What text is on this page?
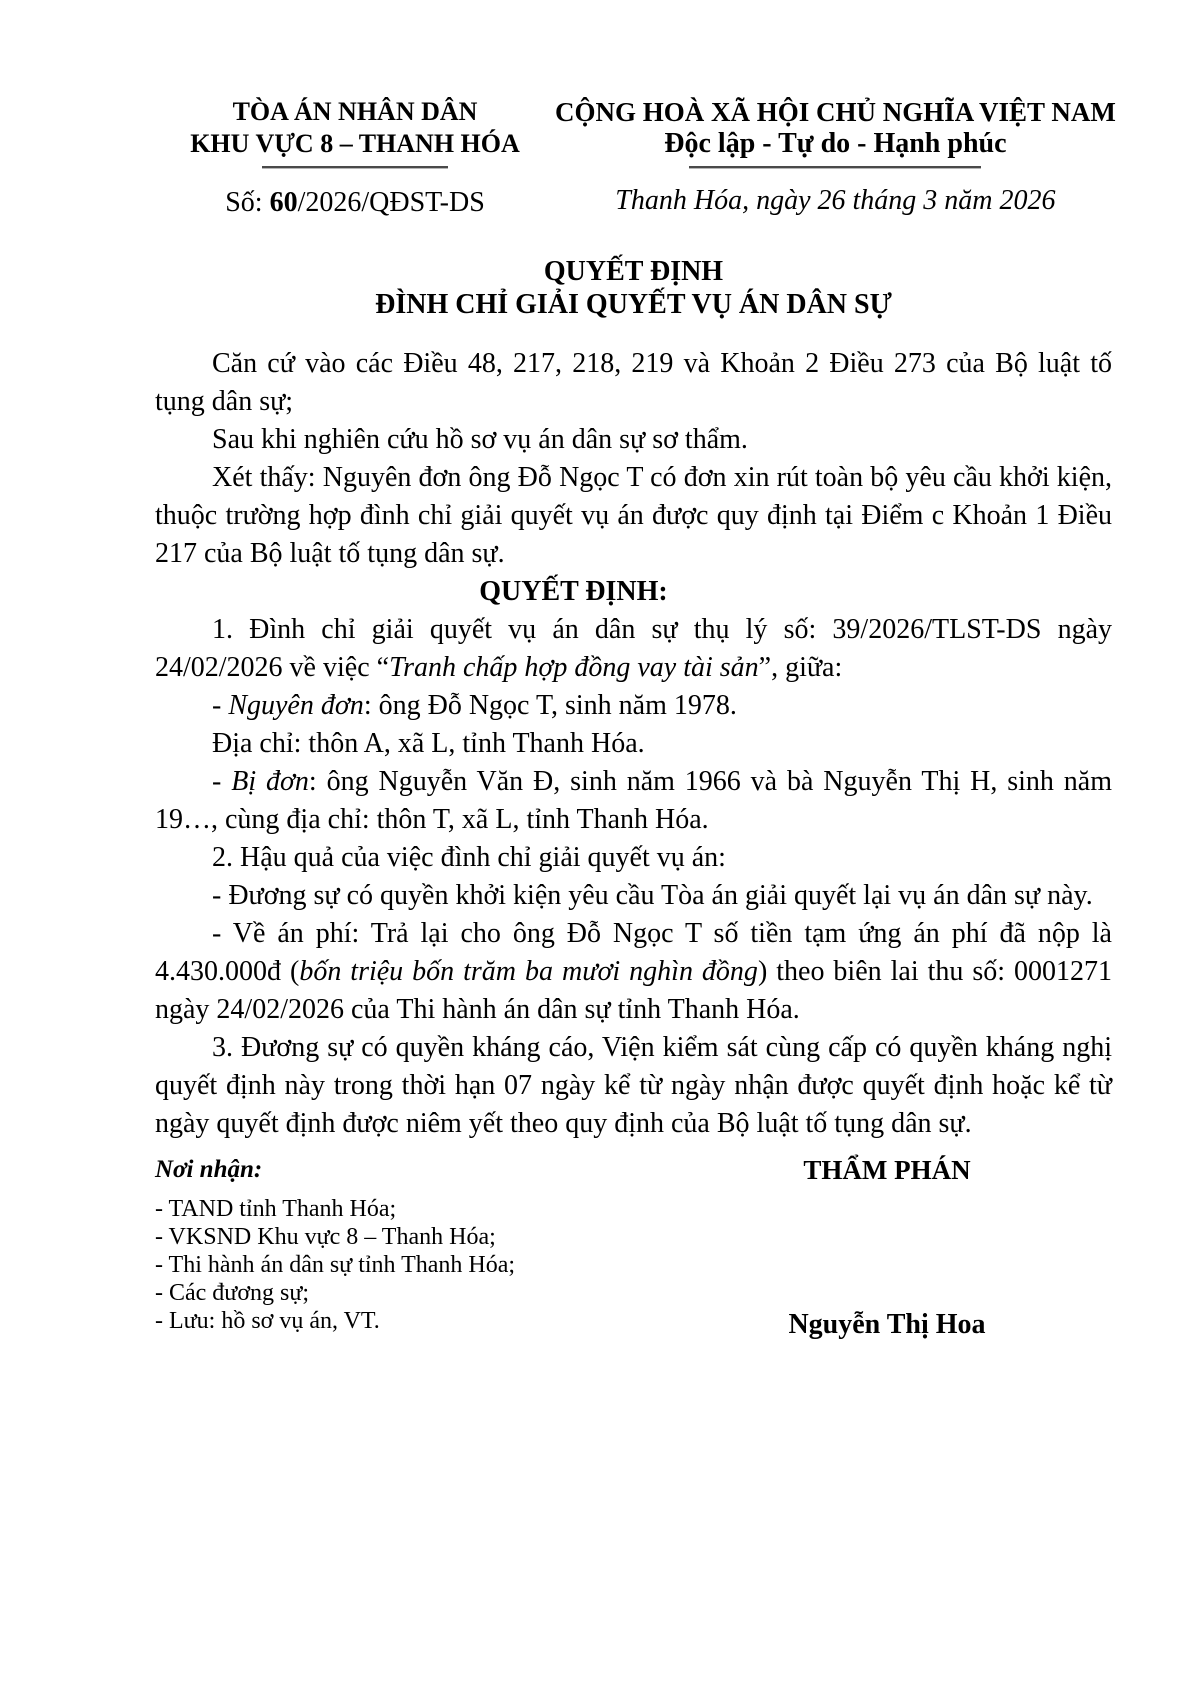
TÒA ÁN NHÂN DÂN
KHU VỰC 8 – THANH HÓA
Số: 60/2026/QĐST-DS
CỘNG HOÀ XÃ HỘI CHỦ NGHĨA VIỆT NAM
Độc lập - Tự do - Hạnh phúc
Thanh Hóa, ngày 26 tháng 3 năm 2026
QUYẾT ĐỊNH
ĐÌNH CHỈ GIẢI QUYẾT VỤ ÁN DÂN SỰ

Căn cứ vào các Điều 48, 217, 218, 219 và Khoản 2 Điều 273 của Bộ luật tố tụng dân sự;

Sau khi nghiên cứu hồ sơ vụ án dân sự sơ thẩm.

Xét thấy: Nguyên đơn ông Đỗ Ngọc T có đơn xin rút toàn bộ yêu cầu khởi kiện, thuộc trường hợp đình chỉ giải quyết vụ án được quy định tại Điểm c Khoản 1 Điều 217 của Bộ luật tố tụng dân sự.

QUYẾT ĐỊNH:

1. Đình chỉ giải quyết vụ án dân sự thụ lý số: 39/2026/TLST-DS ngày 24/02/2026 về việc “Tranh chấp hợp đồng vay tài sản”, giữa:

- Nguyên đơn: ông Đỗ Ngọc T, sinh năm 1978.

Địa chỉ: thôn A, xã L, tỉnh Thanh Hóa.

- Bị đơn: ông Nguyễn Văn Đ, sinh năm 1966 và bà Nguyễn Thị H, sinh năm 19…, cùng địa chỉ: thôn T, xã L, tỉnh Thanh Hóa.

2. Hậu quả của việc đình chỉ giải quyết vụ án:

- Đương sự có quyền khởi kiện yêu cầu Tòa án giải quyết lại vụ án dân sự này.

- Về án phí: Trả lại cho ông Đỗ Ngọc T số tiền tạm ứng án phí đã nộp là 4.430.000đ (bốn triệu bốn trăm ba mươi nghìn đồng) theo biên lai thu số: 0001271 ngày 24/02/2026 của Thi hành án dân sự tỉnh Thanh Hóa.

3. Đương sự có quyền kháng cáo, Viện kiểm sát cùng cấp có quyền kháng nghị quyết định này trong thời hạn 07 ngày kể từ ngày nhận được quyết định hoặc kể từ ngày quyết định được niêm yết theo quy định của Bộ luật tố tụng dân sự.

Nơi nhận:
- TAND tỉnh Thanh Hóa;
- VKSND Khu vực 8 – Thanh Hóa;
- Thi hành án dân sự tỉnh Thanh Hóa;
- Các đương sự;
- Lưu: hồ sơ vụ án, VT.
THẨM PHÁN
Nguyễn Thị Hoa
